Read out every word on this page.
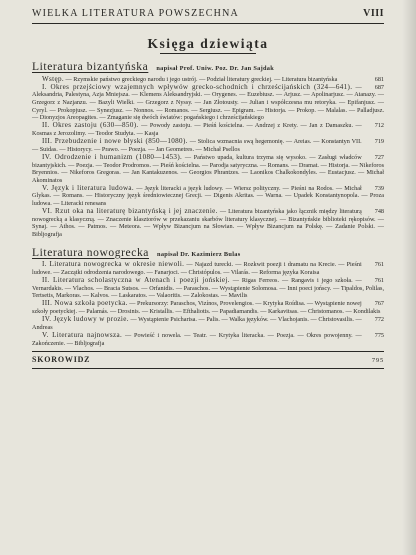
WIELKA LITERATURA POWSZECHNA	VIII
Księga dziewiąta
Literatura bizantyńska napisał Prof. Uniw. Poz. Dr. Jan Sajdak

681
Wstęp. — Rzymskie państwo greckiego narodu i jego ustrój. — Podział literatury greckiej. — Literatura bizantyńska

687
I. Okres przejściowy wzajemnych wpływów grecko-schodnich i chrześcijańskich (324—641). — Aleksandria, Palestyna, Azja Mniejsza. — Klemens Aleksandryjski. — Orygenes. — Euzebiusz. — Arjusz. — Apolinarjusz. — Atanazy. — Grzegorz z Nazjanzu. — Bazyli Wielki. — Grzegorz z Nyssy. — Jan Złotousty. — Julian i współczesna mu retoryka. — Epifanjusz. — Cyryl. — Prokopjusz. — Synezjusz. — Nonnos. — Romanos. — Sergiusz. — Epigram. — Historja. — Prokop. — Malalas. — Palladjusz. — Dionyzjos Areopagites. — Zmaganie się dwóch światów: pogańskiego i chrześcijańskiego

712
II. Okres zastoju (630—850). — Powody zastoju. — Pieśń kościelna. — Andrzej z Krety. — Jan z Damaszku. — Kosmas z Jerozolimy. — Teodor Studyta. — Kasja

719
III. Przebudzenie i nowe błyski (850—1080). — Stolica wzmacnia swą hegemonię. — Areias. — Konstantyn VII. — Suidas. — Historycy. — Prawo. — Poezja. — Jan Geometres. — Michał Psellos

727
IV. Odrodzenie i humanizm (1080—1453). — Państwo upada, kultura trzyma się wysoko. — Zasługi władców bizantyjskich. — Poezja. — Teodor Prodromos. — Pieśń kościelna. — Parodja satyryczna. — Romans. — Dramat. — Historja. — Nikeforos Bryennios. — Nikeforos Gregoras. — Jan Kantakuzenos. — Georgios Phrantzes. — Laonikos Chalkokondyles. — Eustacjusz. — Michał Akominatos

739
V. Język i literatura ludowa. — Język literacki a język ludowy. — Wiersz polityczny. — Pieśni na Rodos. — Michał Glykas. — Romans. — Historyczny język średniowiecznej Grecji. — Digenis Akritas. — Warna. — Upadek Konstantynopola. — Proza ludowa. — Literacki renesans

748
VI. Rzut oka na literaturę bizantyńską i jej znaczenie. — Literatura bizantyńska jako łącznik między literaturą nowogrecką a klasyczną. — Znaczenie klasztorów w przekazaniu skarbów literatury klasycznej. — Bizantyńskie biblioteki rękopisów. — Synaj. — Athos. — Patmos. — Meteora. — Wpływ Bizancjum na Słowian. — Wpływ Bizancjum na Polskę. — Zadanie Polski. — Bibljografja

Literatura nowogrecka napisał Dr. Kazimierz Bulas

761
I. Literatura nowogrecka w okresie niewoli. — Najazd turecki. — Rozkwit poezji i dramatu na Krecie. — Pieśni ludowe. — Zaczątki odrodzenia narodowego. — Fanarjoci. — Christópulos. — Vilarás. — Reforma języka Koraisa

761
II. Literatura scholastyczna w Atenach i poezji jońskiej. — Rigas Ferreos. — Rangavis i jego szkoła. — Vernardakis. — Vlachos. — Bracia Sutsos. — Orfanidis. — Paraschos. — Wystąpienie Solomosa. — Inni poeci jońscy. — Tipaldos, Polilas, Tertsetis, Markoras. — Kalvos. — Laskaratos. — Valaoritis. — Zalokostas. — Mavilis

767
III. Nowa szkoła poetycka. — Prekursorzy: Paraschos, Vizínos, Provelengios. — Krytyka Roídisa. — Wystąpienie nowej szkoły poetyckiej. — Palamás. — Drosinis. — Kristallis. — Efthaliotis. — Papadiamandis. — Karkavitsas. — Christomanos. — Kondilakis

772
IV. Język ludowy w prozie. — Wystąpienie Psicharisa. — Palis. — Walka języków. — Vlachojanis. — Christovasilis. — Andreas

775
V. Literatura najnowsza. — Powieść i nowela. — Teatr. — Krytyka literacka. — Poezja. — Okres powojenny. — Zakończenie. — Bibljografja

SKOROWIDZ	795
